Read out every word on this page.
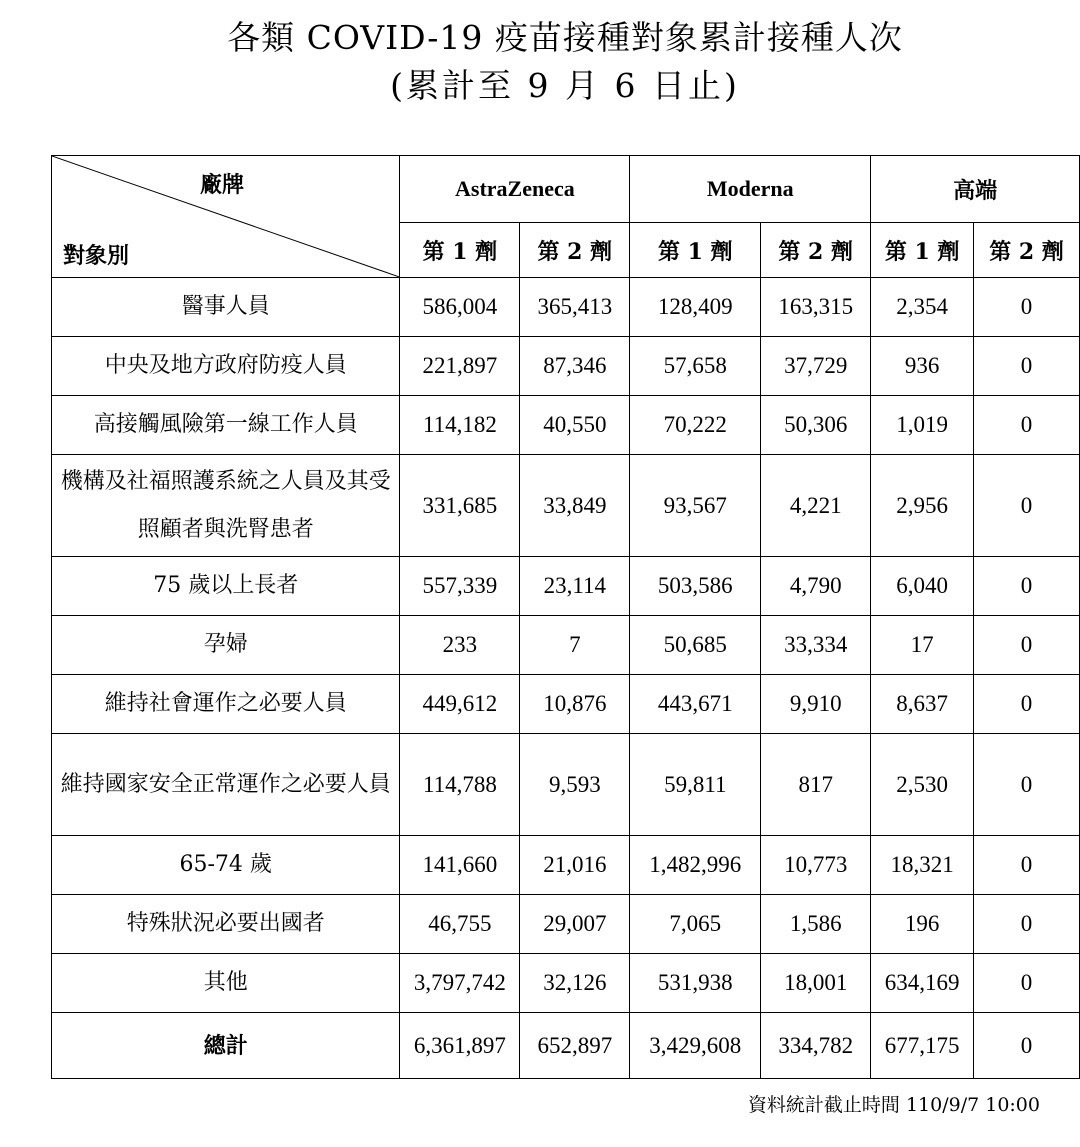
各類 COVID-19 疫苗接種對象累計接種人次
(累計至 9 月 6 日止)
廠牌
對象別	AstraZeneca		Moderna		高端	
	第 1 劑	第 2 劑	第 1 劑	第 2 劑	第 1 劑	第 2 劑
醫事人員	586,004	365,413	128,409	163,315	2,354	0
中央及地方政府防疫人員	221,897	87,346	57,658	37,729	936	0
高接觸風險第一線工作人員	114,182	40,550	70,222	50,306	1,019	0
機構及社福照護系統之人員及其受照顧者與洗腎患者	331,685	33,849	93,567	4,221	2,956	0
75 歲以上長者	557,339	23,114	503,586	4,790	6,040	0
孕婦	233	7	50,685	33,334	17	0
維持社會運作之必要人員	449,612	10,876	443,671	9,910	8,637	0
維持國家安全正常運作之必要人員	114,788	9,593	59,811	817	2,530	0
65-74 歲	141,660	21,016	1,482,996	10,773	18,321	0
特殊狀況必要出國者	46,755	29,007	7,065	1,586	196	0
其他	3,797,742	32,126	531,938	18,001	634,169	0
總計	6,361,897	652,897	3,429,608	334,782	677,175	0
資料統計截止時間 110/9/7 10:00
